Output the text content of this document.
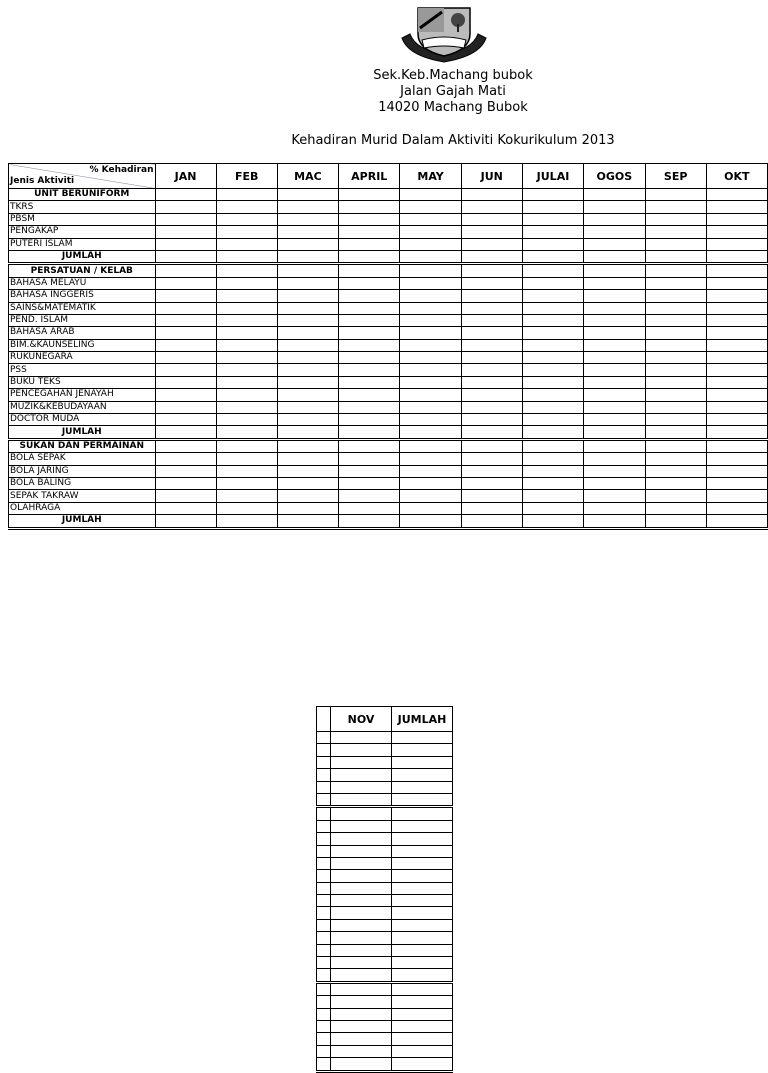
Sek.Keb.Machang bubok
Jalan Gajah Mati
14020 Machang Bubok
Kehadiran Murid Dalam Aktiviti Kokurikulum 2013
% Kehadiran
Jenis Aktiviti	JAN	FEB	MAC	APRIL	MAY	JUN	JULAI	OGOS	SEP	OKT
UNIT BERUNIFORM										
TKRS										
PBSM										
PENGAKAP										
PUTERI ISLAM										
JUMLAH										
PERSATUAN / KELAB										
BAHASA MELAYU										
BAHASA INGGERIS										
SAINS&MATEMATIK										
PEND. ISLAM										
BAHASA ARAB										
BIM.&KAUNSELING										
RUKUNEGARA										
PSS										
BUKU TEKS										
PENCEGAHAN JENAYAH										
MUZIK&KEBUDAYAAN										
DOCTOR MUDA										
JUMLAH										
SUKAN DAN PERMAINAN										
BOLA SEPAK										
BOLA JARING										
BOLA BALING										
SEPAK TAKRAW										
OLAHRAGA										
JUMLAH										
	NOV	JUMLAH
